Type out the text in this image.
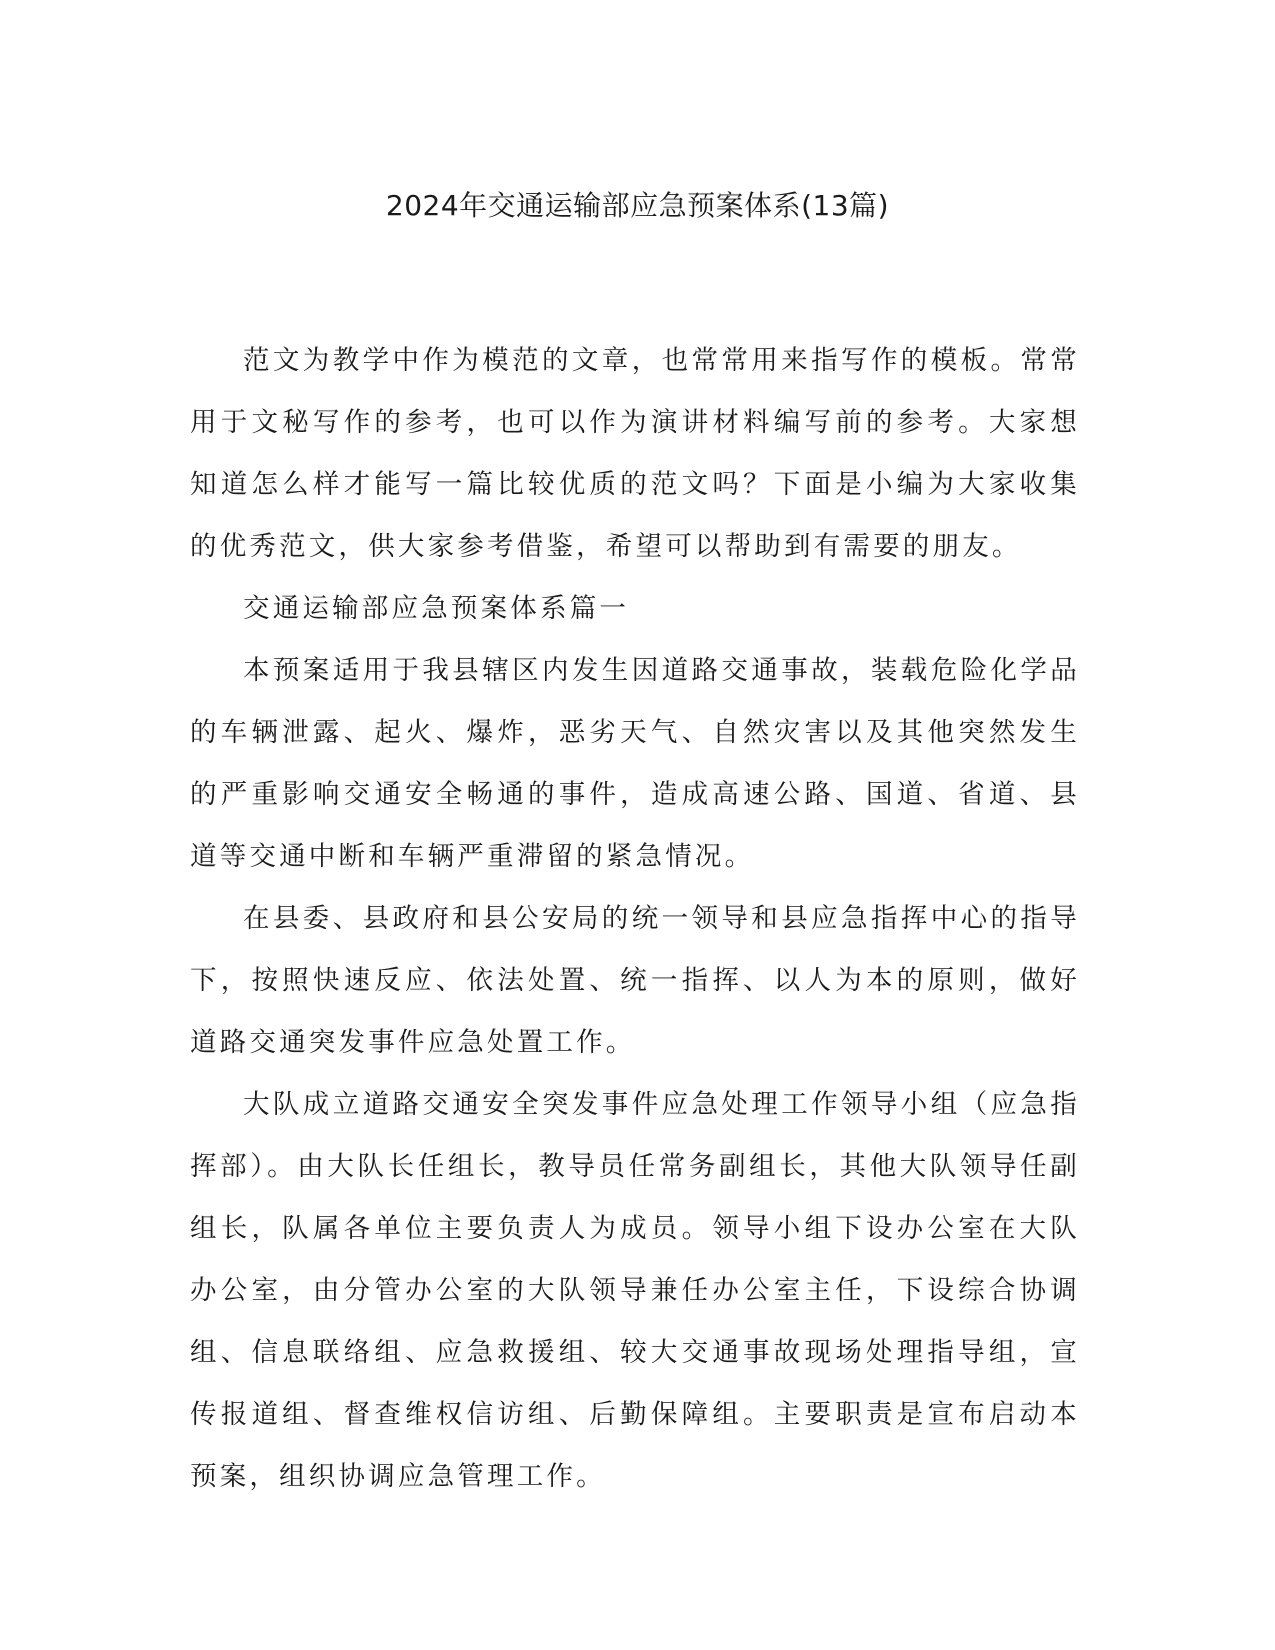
2024年交通运输部应急预案体系(13篇)

范文为教学中作为模范的文章，也常常用来指写作的模板。常常用于文秘写作的参考，也可以作为演讲材料编写前的参考。大家想知道怎么样才能写一篇比较优质的范文吗？下面是小编为大家收集的优秀范文，供大家参考借鉴，希望可以帮助到有需要的朋友。

交通运输部应急预案体系篇一

本预案适用于我县辖区内发生因道路交通事故，装载危险化学品的车辆泄露、起火、爆炸，恶劣天气、自然灾害以及其他突然发生的严重影响交通安全畅通的事件，造成高速公路、国道、省道、县道等交通中断和车辆严重滞留的紧急情况。

在县委、县政府和县公安局的统一领导和县应急指挥中心的指导下，按照快速反应、依法处置、统一指挥、以人为本的原则，做好道路交通突发事件应急处置工作。

大队成立道路交通安全突发事件应急处理工作领导小组（应急指挥部）。由大队长任组长，教导员任常务副组长，其他大队领导任副组长，队属各单位主要负责人为成员。领导小组下设办公室在大队办公室，由分管办公室的大队领导兼任办公室主任，下设综合协调组、信息联络组、应急救援组、较大交通事故现场处理指导组，宣传报道组、督查维权信访组、后勤保障组。主要职责是宣布启动本预案，组织协调应急管理工作。
